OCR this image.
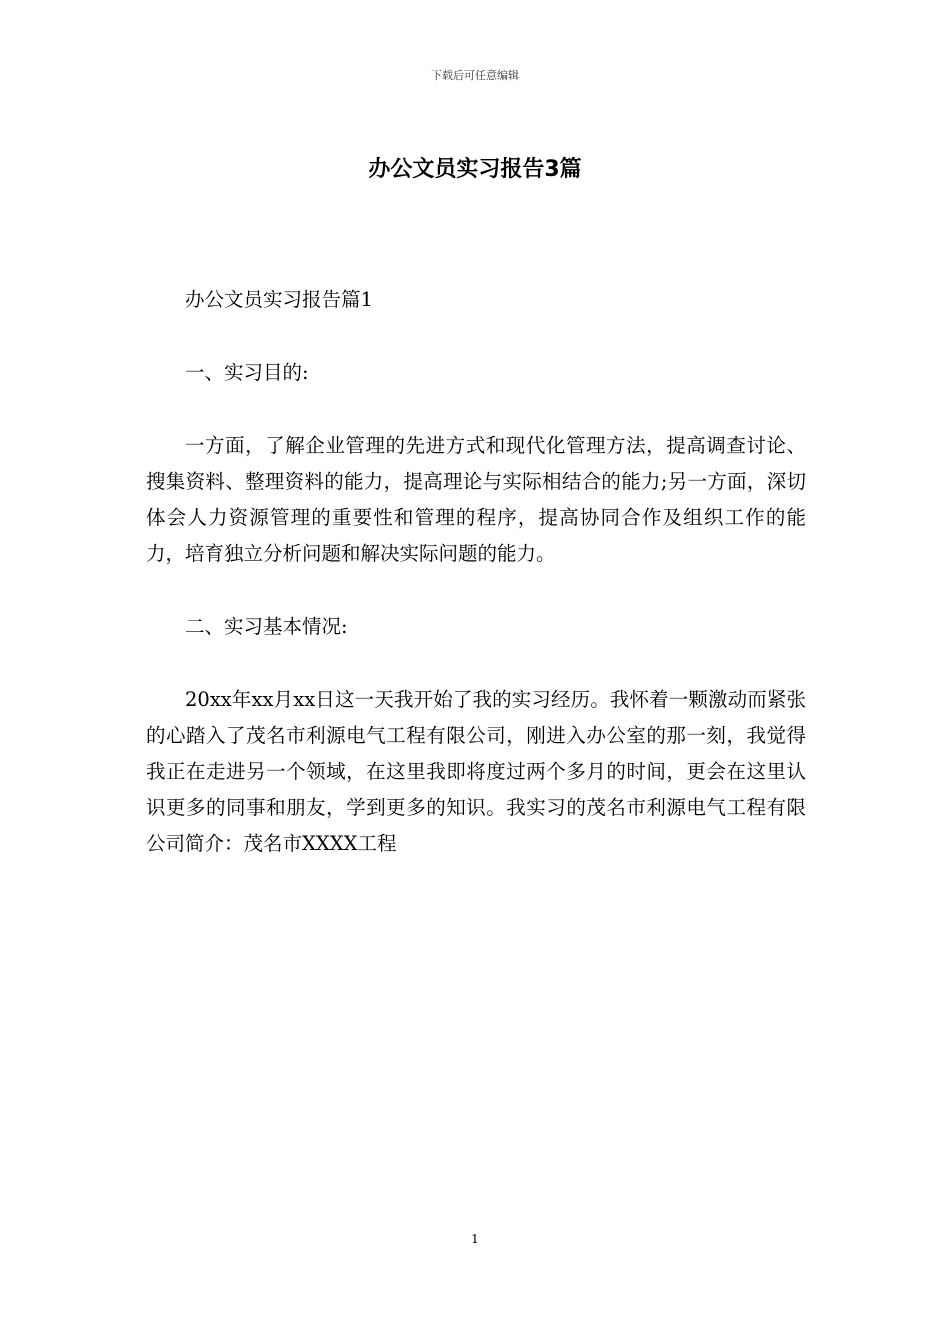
下载后可任意编辑
办公文员实习报告3篇

办公文员实习报告篇1

一、实习目的:

一方面，了解企业管理的先进方式和现代化管理方法，提高调查讨论、搜集资料、整理资料的能力，提高理论与实际相结合的能力;另一方面，深切体会人力资源管理的重要性和管理的程序，提高协同合作及组织工作的能力，培育独立分析问题和解决实际问题的能力。

二、实习基本情况:

20xx年xx月xx日这一天我开始了我的实习经历。我怀着一颗激动而紧张的心踏入了茂名市利源电气工程有限公司，刚进入办公室的那一刻，我觉得我正在走进另一个领域，在这里我即将度过两个多月的时间，更会在这里认识更多的同事和朋友，学到更多的知识。我实习的茂名市利源电气工程有限公司简介：茂名市XXXX工程

1
